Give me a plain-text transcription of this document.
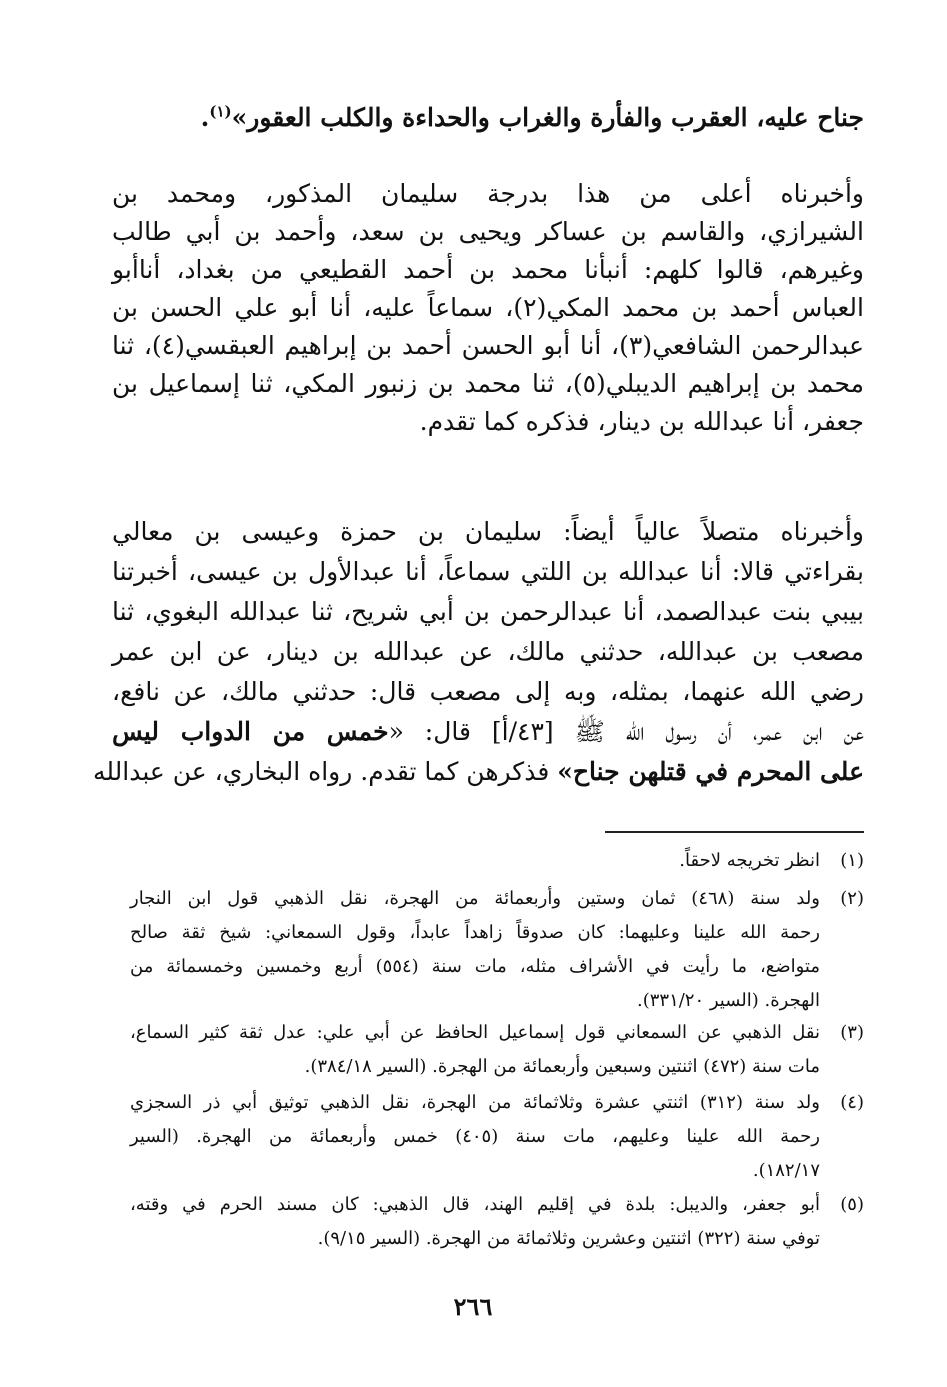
جناح عليه، العقرب والفأرة والغراب والحداءة والكلب العقور»$^{(١)}$.
وأخبرناه أعلى من هذا بدرجة سليمان المذكور، ومحمد بن
الشيرازي، والقاسم بن عساكر ويحيى بن سعد، وأحمد بن أبي طالب
وغيرهم، قالوا كلهم: أنبأنا محمد بن أحمد القطيعي من بغداد، أناأبو
العباس أحمد بن محمد المكي(٢)، سماعاً عليه، أنا أبو علي الحسن بن
عبدالرحمن الشافعي(٣)، أنا أبو الحسن أحمد بن إبراهيم العبقسي(٤)، ثنا
محمد بن إبراهيم الديبلي(٥)، ثنا محمد بن زنبور المكي، ثنا إسماعيل بن
جعفر، أنا عبدالله بن دينار، فذكره كما تقدم.
وأخبرناه متصلاً عالياً أيضاً: سليمان بن حمزة وعيسى بن معالي
بقراءتي قالا: أنا عبدالله بن اللتي سماعاً، أنا عبدالأول بن عيسى، أخبرتنا
بيبي بنت عبدالصمد، أنا عبدالرحمن بن أبي شريح، ثنا عبدالله البغوي، ثنا
مصعب بن عبدالله، حدثني مالك، عن عبدالله بن دينار، عن ابن عمر
رضي الله عنهما، بمثله، وبه إلى مصعب قال: حدثني مالك، عن نافع،
عن ابن عمر، أن رسول الله ﷺ [٤٣/أ] قال: «خمس من الدواب ليس
على المحرم في قتلهن جناح» فذكرهن كما تقدم. رواه البخاري، عن عبدالله
(١)
انظر تخريجه لاحقاً.
(٢)
ولد سنة (٤٦٨) ثمان وستين وأربعمائة من الهجرة، نقل الذهبي قول ابن النجار
رحمة الله علينا وعليهما: كان صدوقاً زاهداً عابداً، وقول السمعاني: شيخ ثقة صالح
متواضع، ما رأيت في الأشراف مثله، مات سنة (٥٥٤) أربع وخمسين وخمسمائة من
الهجرة. (السير ٣٣١/٢٠).
(٣)
نقل الذهبي عن السمعاني قول إسماعيل الحافظ عن أبي علي: عدل ثقة كثير السماع،
مات سنة (٤٧٢) اثنتين وسبعين وأربعمائة من الهجرة. (السير ٣٨٤/١٨).
(٤)
ولد سنة (٣١٢) اثنتي عشرة وثلاثمائة من الهجرة، نقل الذهبي توثيق أبي ذر السجزي
رحمة الله علينا وعليهم، مات سنة (٤٠٥) خمس وأربعمائة من الهجرة. (السير
١٨٢/١٧).
(٥)
أبو جعفر، والديبل: بلدة في إقليم الهند، قال الذهبي: كان مسند الحرم في وقته،
توفي سنة (٣٢٢) اثنتين وعشرين وثلاثمائة من الهجرة. (السير ٩/١٥).
٢٦٦
